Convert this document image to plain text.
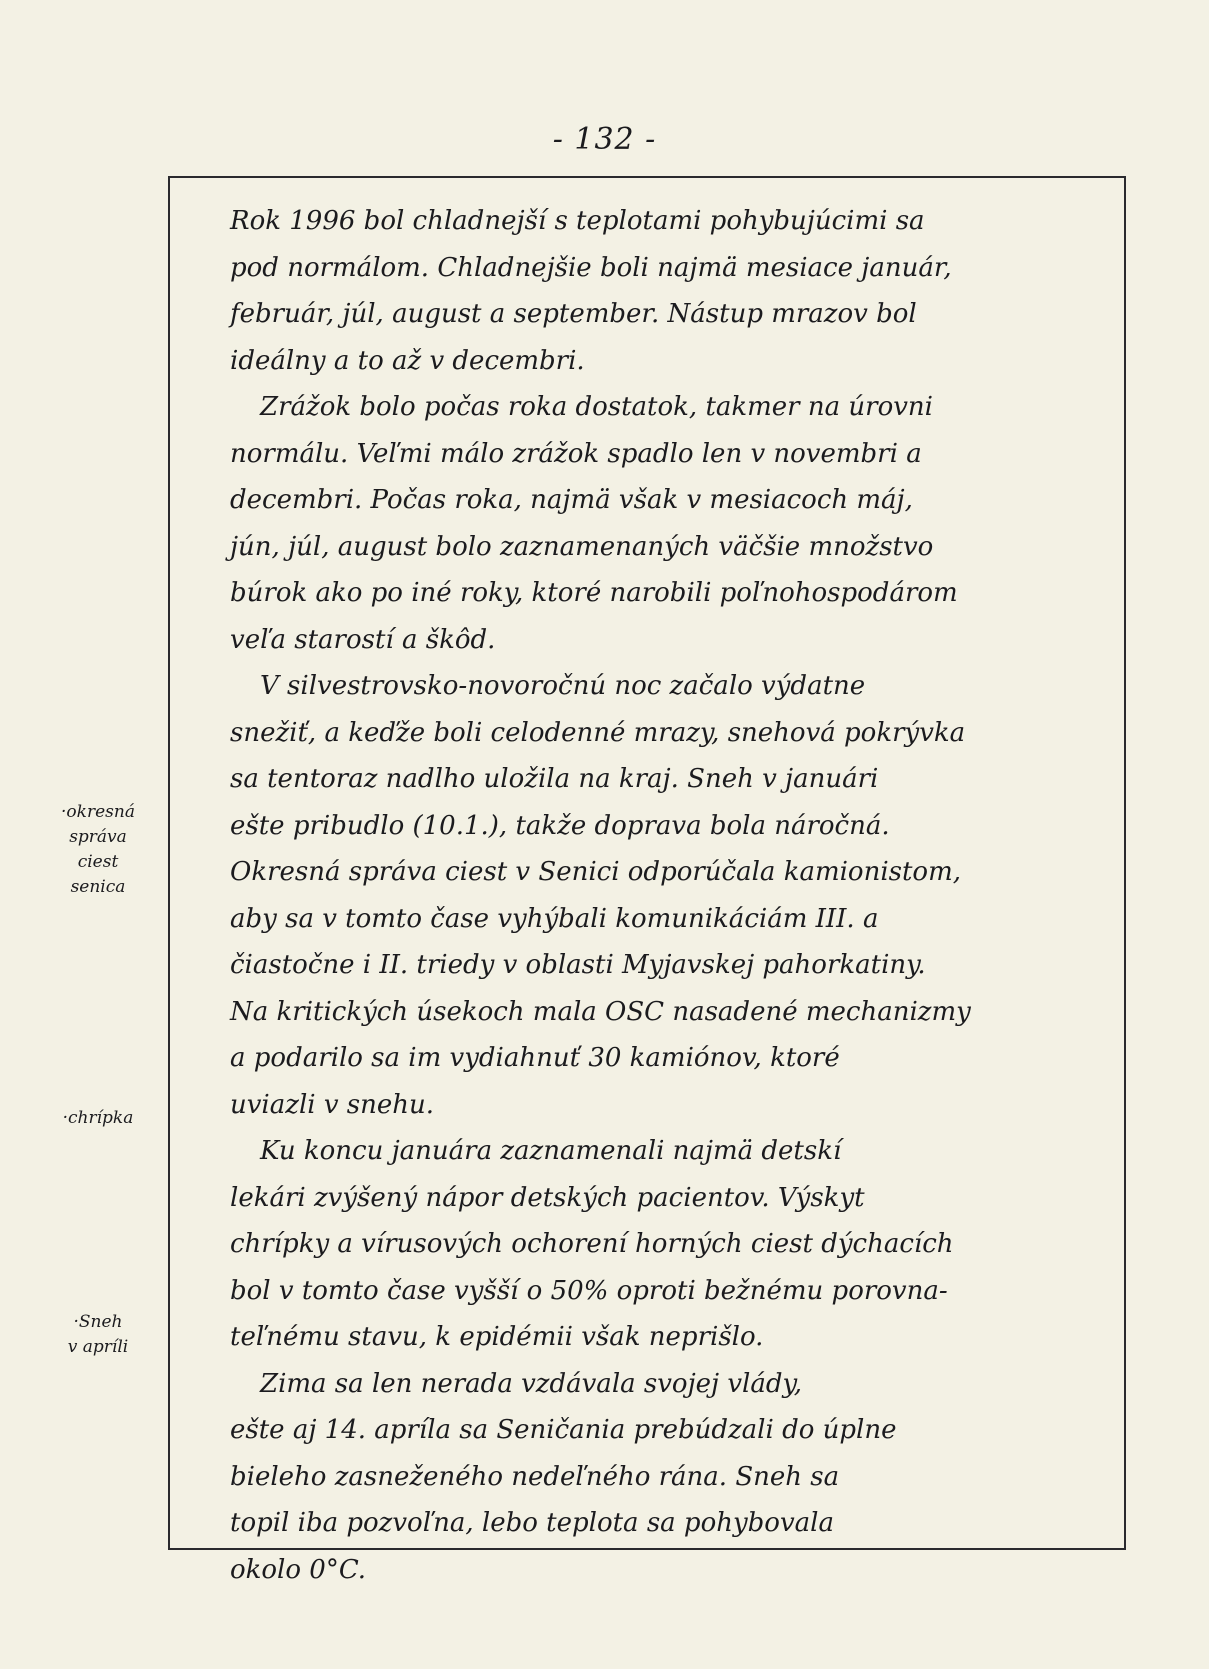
- 132 -
·okresná
správa
ciest
senica
·chrípka
·Sneh
v apríli

Rok 1996 bol chladnejší s teplotami pohybujúcimi sa
pod normálom. Chladnejšie boli najmä mesiace január,
február, júl, august a september. Nástup mrazov bol
ideálny a to až v decembri.

Zrážok bolo počas roka dostatok, takmer na úrovni
normálu. Veľmi málo zrážok spadlo len v novembri a
decembri. Počas roka, najmä však v mesiacoch máj,
jún, júl, august bolo zaznamenaných väčšie množstvo
búrok ako po iné roky, ktoré narobili poľnohospodárom
veľa starostí a škôd.

V silvestrovsko-novoročnú noc začalo výdatne
snežiť, a keďže boli celodenné mrazy, snehová pokrývka
sa tentoraz nadlho uložila na kraj. Sneh v januári
ešte pribudlo (10.1.), takže doprava bola náročná.
Okresná správa ciest v Senici odporúčala kamionistom,
aby sa v tomto čase vyhýbali komunikáciám III. a
čiastočne i II. triedy v oblasti Myjavskej pahorkatiny.
Na kritických úsekoch mala OSC nasadené mechanizmy
a podarilo sa im vydiahnuť 30 kamiónov, ktoré
uviazli v snehu.

Ku koncu januára zaznamenali najmä detskí
lekári zvýšený nápor detských pacientov. Výskyt
chrípky a vírusových ochorení horných ciest dýchacích
bol v tomto čase vyšší o 50% oproti bežnému porovna-
teľnému stavu, k epidémii však neprišlo.

Zima sa len nerada vzdávala svojej vlády,
ešte aj 14. apríla sa Seničania prebúdzali do úplne
bieleho zasneženého nedeľného rána. Sneh sa
topil iba pozvoľna, lebo teplota sa pohybovala
okolo 0°C.
